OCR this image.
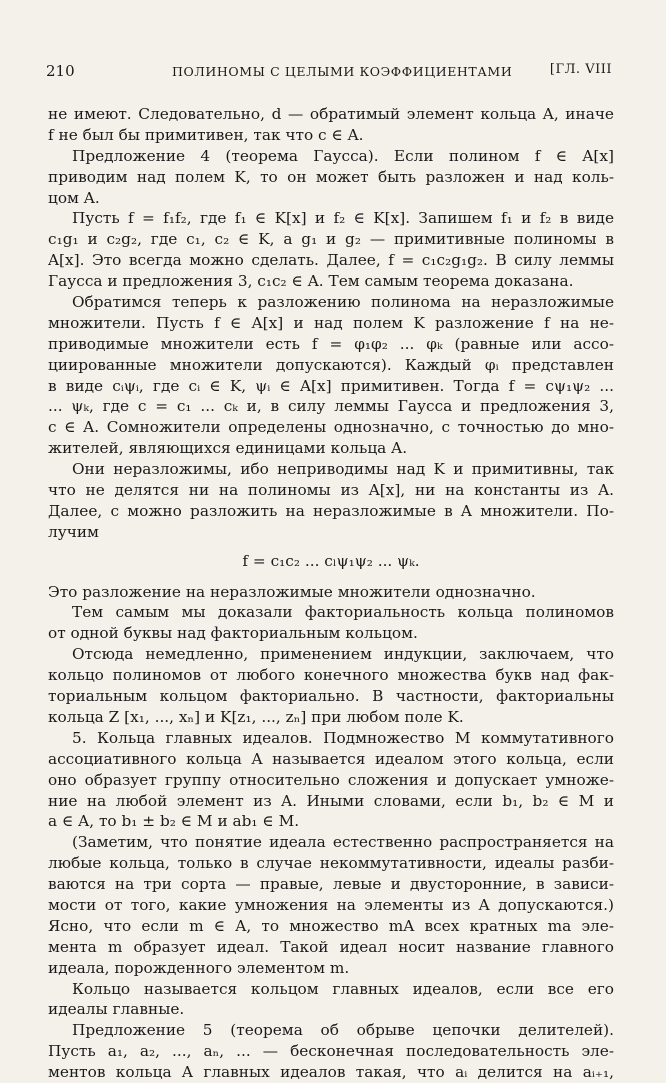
210	ПОЛИНОМЫ С ЦЕЛЫМИ КОЭФФИЦИЕНТАМИ	[ГЛ. VIII
не имеют. Следовательно, d — обратимый элемент кольца A, иначе
f не был бы примитивен, так что c ∈ A.
Предложение 4 (теорема Гаусса). Если полином f ∈ A[x]
приводим над полем K, то он может быть разложен и над коль-
цом A.
Пусть f = f₁f₂, где f₁ ∈ K[x] и f₂ ∈ K[x]. Запишем f₁ и f₂ в виде
c₁g₁ и c₂g₂, где c₁, c₂ ∈ K, а g₁ и g₂ — примитивные полиномы в
A[x]. Это всегда можно сделать. Далее, f = c₁c₂g₁g₂. В силу леммы
Гаусса и предложения 3, c₁c₂ ∈ A. Тем самым теорема доказана.
Обратимся теперь к разложению полинома на неразложимые
множители. Пусть f ∈ A[x] и над полем K разложение f на не-
приводимые множители есть f = φ₁φ₂ ... φₖ (равные или ассо-
циированные множители допускаются). Каждый φᵢ представлен
в виде cᵢψᵢ, где cᵢ ∈ K, ψᵢ ∈ A[x] примитивен. Тогда f = cψ₁ψ₂ ...
... ψₖ, где c = c₁ ... cₖ и, в силу леммы Гаусса и предложения 3,
c ∈ A. Сомножители определены однозначно, с точностью до мно-
жителей, являющихся единицами кольца A.
Они неразложимы, ибо неприводимы над K и примитивны, так
что не делятся ни на полиномы из A[x], ни на константы из A.
Далее, c можно разложить на неразложимые в A множители. По-
лучим
f = c₁c₂ ... cₗψ₁ψ₂ ... ψₖ.
Это разложение на неразложимые множители однозначно.
Тем самым мы доказали факториальность кольца полиномов
от одной буквы над факториальным кольцом.
Отсюда немедленно, применением индукции, заключаем, что
кольцо полиномов от любого конечного множества букв над фак-
ториальным кольцом факториально. В частности, факториальны
кольца Z [x₁, ..., xₙ] и K[z₁, ..., zₙ] при любом поле K.
5. Кольца главных идеалов. Подмножество M коммутативного
ассоциативного кольца A называется идеалом этого кольца, если
оно образует группу относительно сложения и допускает умноже-
ние на любой элемент из A. Иными словами, если b₁, b₂ ∈ M и
a ∈ A, то b₁ ± b₂ ∈ M и ab₁ ∈ M.
(Заметим, что понятие идеала естественно распространяется на
любые кольца, только в случае некоммутативности, идеалы разби-
ваются на три сорта — правые, левые и двусторонние, в зависи-
мости от того, какие умножения на элементы из A допускаются.)
Ясно, что если m ∈ A, то множество mA всех кратных ma эле-
мента m образует идеал. Такой идеал носит название главного
идеала, порожденного элементом m.
Кольцо называется кольцом главных идеалов, если все его
идеалы главные.
Предложение 5 (теорема об обрыве цепочки делителей).
Пусть a₁, a₂, ..., aₙ, ... — бесконечная последовательность эле-
ментов кольца A главных идеалов такая, что aᵢ делится на aᵢ₊₁,
